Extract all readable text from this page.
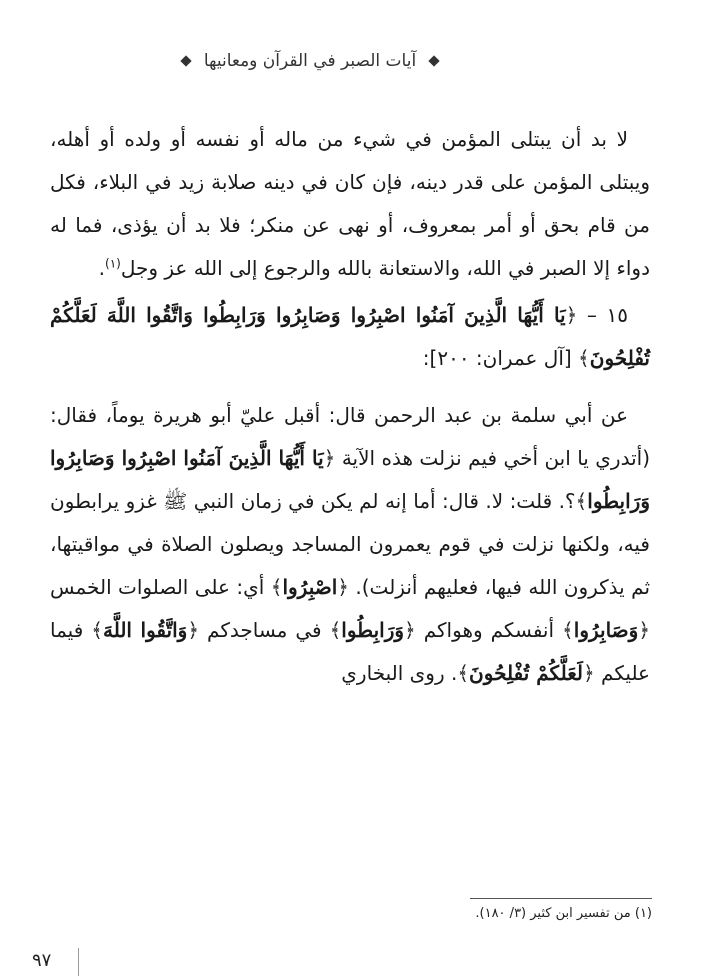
آيات الصبر في القرآن ومعانيها

لا بد أن يبتلى المؤمن في شيء من ماله أو نفسه أو ولده أو أهله، ويبتلى المؤمن على قدر دينه، فإن كان في دينه صلابة زيد في البلاء، فكل من قام بحق أو أمر بمعروف، أو نهى عن منكر؛ فلا بد أن يؤذى، فما له دواء إلا الصبر في الله، والاستعانة بالله والرجوع إلى الله عز وجل$^{(١)}$.

١٥ – ﴿يَا أَيُّهَا الَّذِينَ آمَنُوا اصْبِرُوا وَصَابِرُوا وَرَابِطُوا وَاتَّقُوا اللَّهَ لَعَلَّكُمْ تُفْلِحُونَ﴾ [آل عمران: ٢٠٠]:

عن أبي سلمة بن عبد الرحمن قال: أقبل عليّ أبو هريرة يوماً، فقال: (أتدري يا ابن أخي فيم نزلت هذه الآية ﴿يَا أَيُّهَا الَّذِينَ آمَنُوا اصْبِرُوا وَصَابِرُوا وَرَابِطُوا﴾؟. قلت: لا. قال: أما إنه لم يكن في زمان النبي ﷺ غزو يرابطون فيه، ولكنها نزلت في قوم يعمرون المساجد ويصلون الصلاة في مواقيتها، ثم يذكرون الله فيها، فعليهم أنزلت). ﴿اصْبِرُوا﴾ أي: على الصلوات الخمس ﴿وَصَابِرُوا﴾ أنفسكم وهواكم ﴿وَرَابِطُوا﴾ في مساجدكم ﴿وَاتَّقُوا اللَّهَ﴾ فيما عليكم ﴿لَعَلَّكُمْ تُفْلِحُونَ﴾. روى البخاري

(١) من تفسير ابن كثير (٣/ ١٨٠).
٩٧
